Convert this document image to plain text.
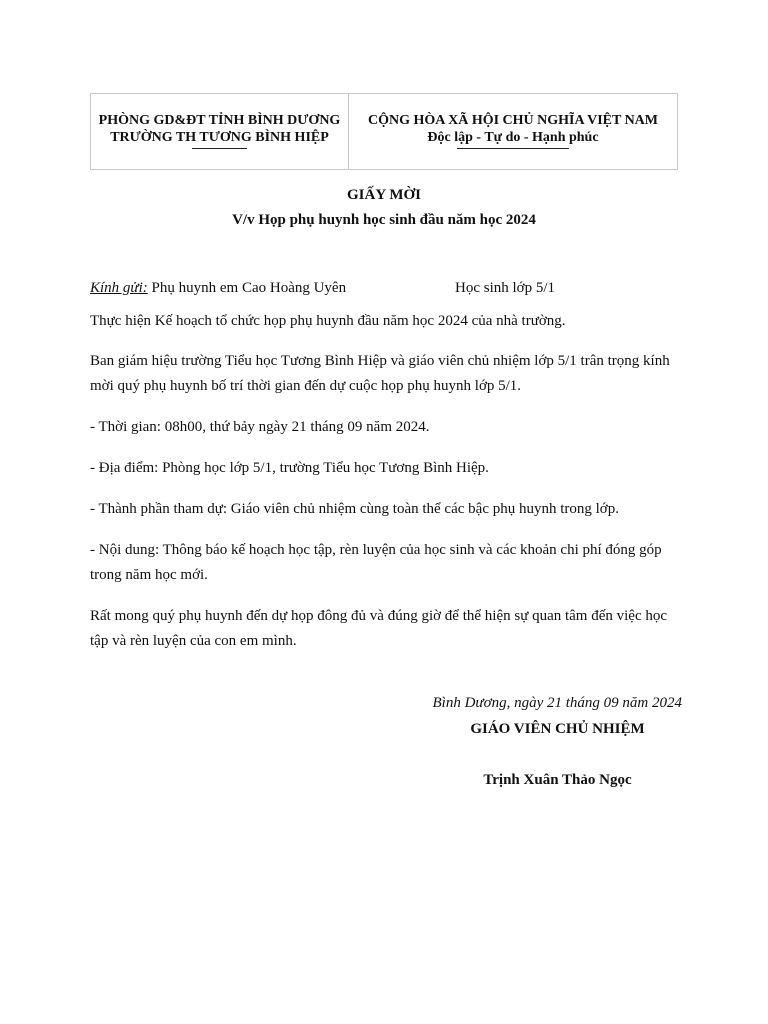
PHÒNG GD&ĐT TỈNH BÌNH DƯƠNG
TRƯỜNG TH TƯƠNG BÌNH HIỆP
CỘNG HÒA XÃ HỘI CHỦ NGHĨA VIỆT NAM
Độc lập - Tự do - Hạnh phúc
GIẤY MỜI
V/v Họp phụ huynh học sinh đầu năm học 2024
Kính gửi: Phụ huynh em Cao Hoàng Uyên	Học sinh lớp 5/1
Thực hiện Kế hoạch tổ chức họp phụ huynh đầu năm học 2024 của nhà trường.
Ban giám hiệu trường Tiểu học Tương Bình Hiệp và giáo viên chủ nhiệm lớp 5/1 trân trọng kính mời quý phụ huynh bố trí thời gian đến dự cuộc họp phụ huynh lớp 5/1.
- Thời gian: 08h00, thứ bảy ngày 21 tháng 09 năm 2024.
- Địa điểm: Phòng học lớp 5/1, trường Tiểu học Tương Bình Hiệp.
- Thành phần tham dự: Giáo viên chủ nhiệm cùng toàn thể các bậc phụ huynh trong lớp.
- Nội dung: Thông báo kế hoạch học tập, rèn luyện của học sinh và các khoản chi phí đóng góp trong năm học mới.
Rất mong quý phụ huynh đến dự họp đông đủ và đúng giờ để thể hiện sự quan tâm đến việc học tập và rèn luyện của con em mình.
Bình Dương, ngày 21 tháng 09 năm 2024
GIÁO VIÊN CHỦ NHIỆM
Trịnh Xuân Thảo Ngọc
